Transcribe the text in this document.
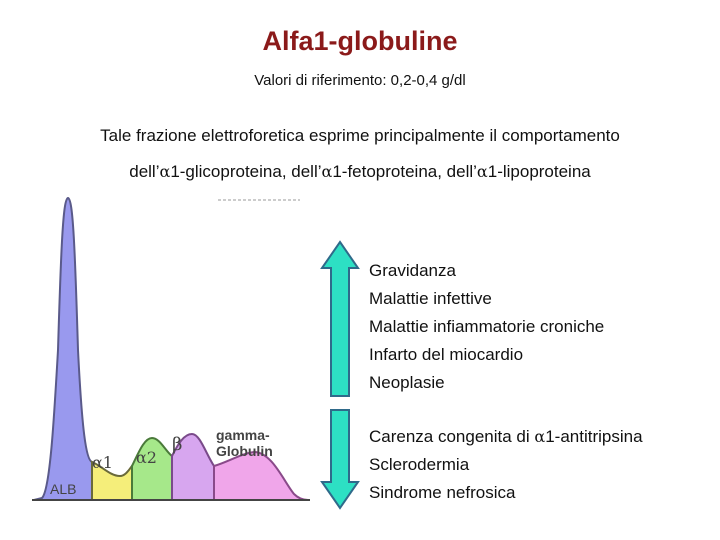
Alfa1-globuline
Valori di riferimento: 0,2-0,4 g/dl
Tale frazione elettroforetica esprime principalmente il comportamento
dell’α1-glicoproteina, dell’α1-fetoproteina, dell’α1-lipoproteina
ALB
α1 α2
β gamma-
Globulin
Gravidanza
Malattie infettive
Malattie infiammatorie croniche
Infarto del miocardio
Neoplasie
Carenza congenita di α1-antitripsina
Sclerodermia
Sindrome nefrosica
